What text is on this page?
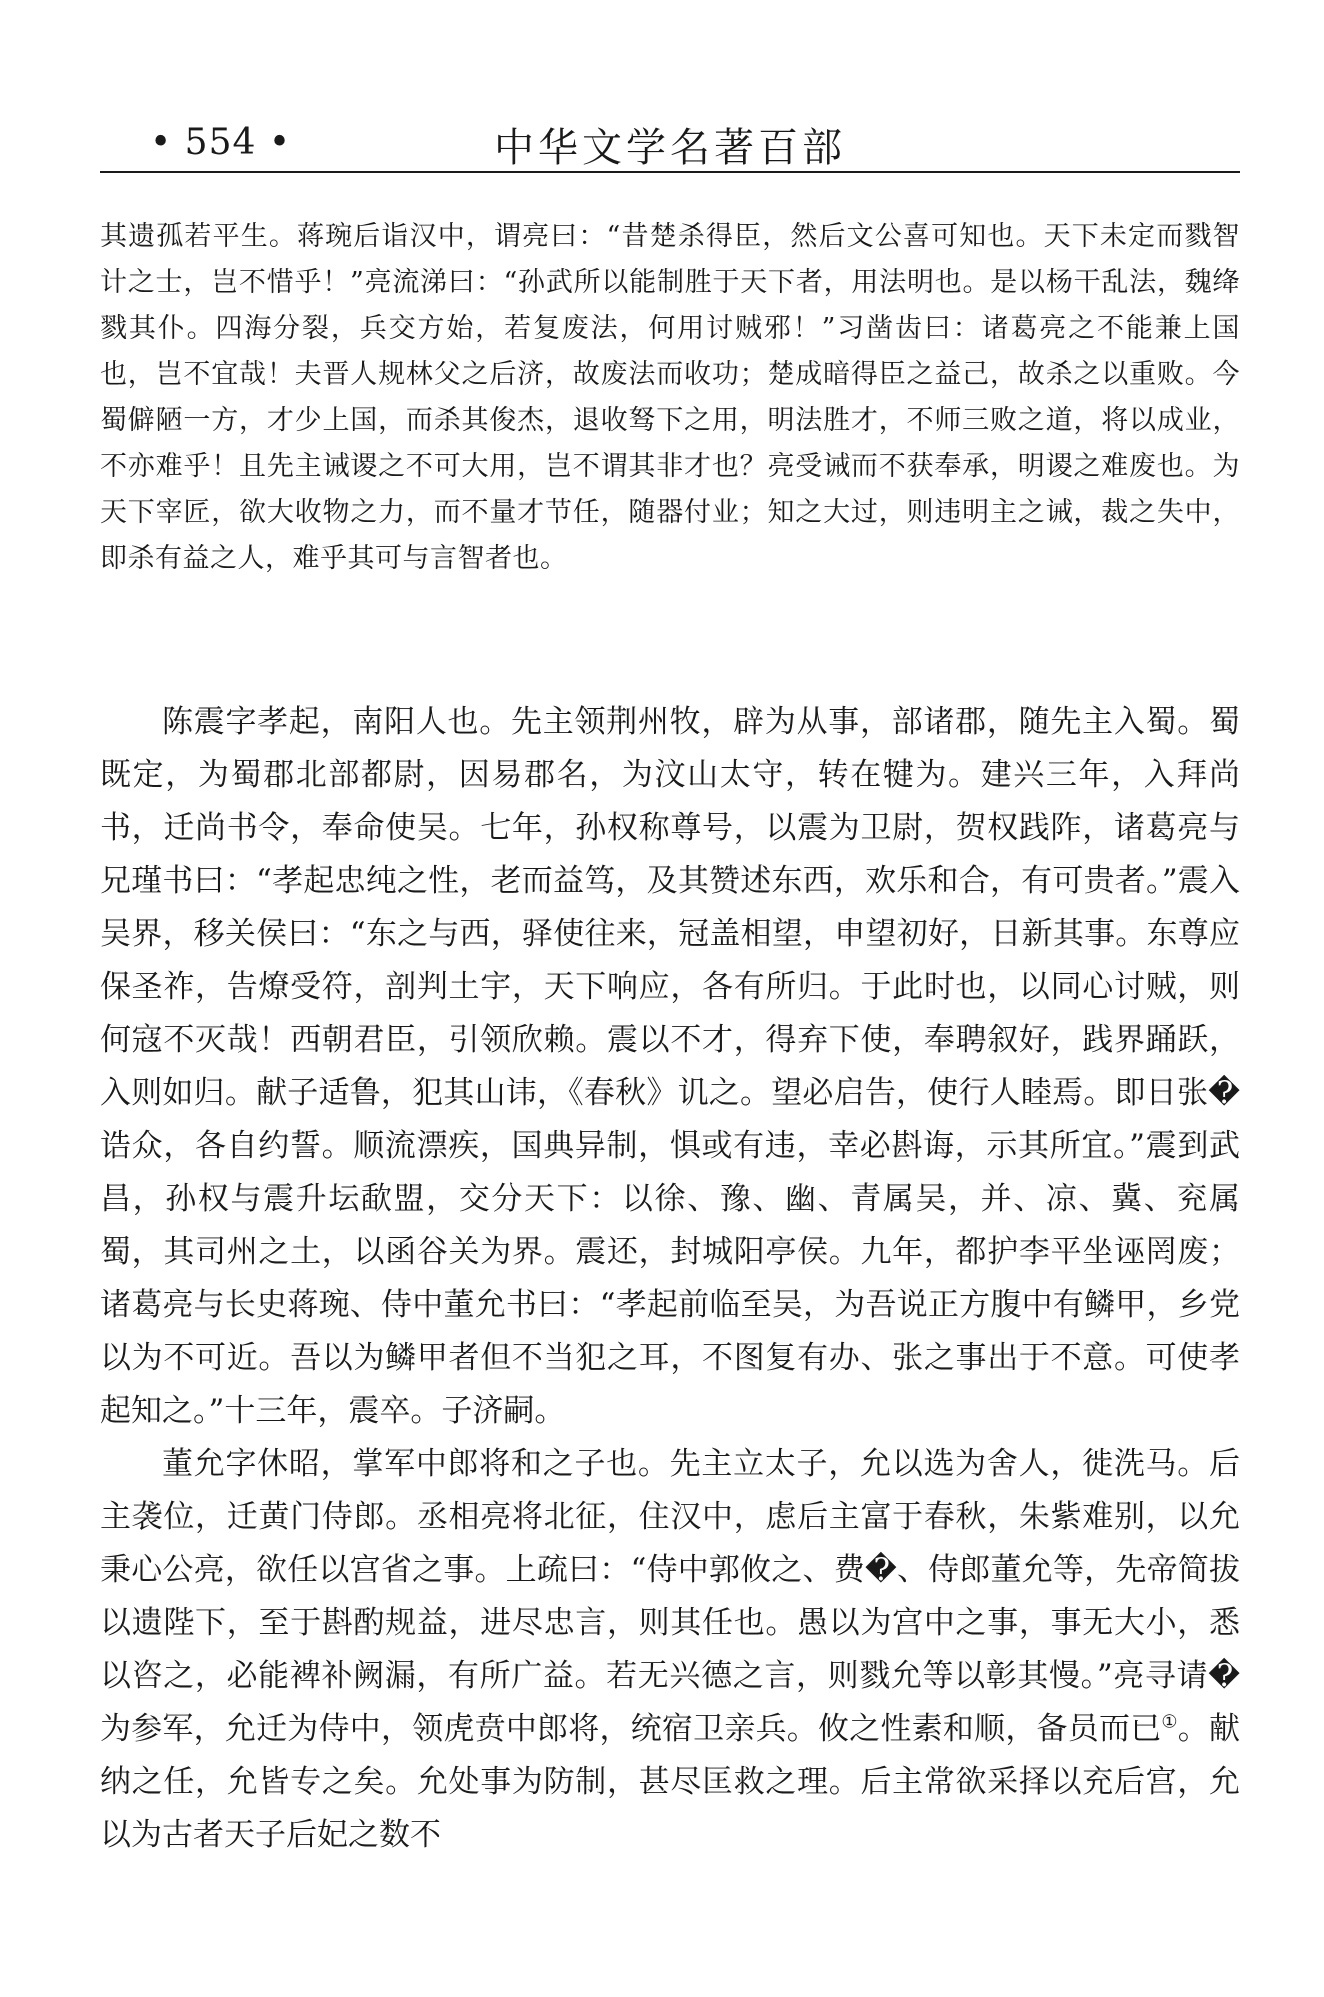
• 554 •	中华文学名著百部

其遗孤若平生。蒋琬后诣汉中，谓亮曰：“昔楚杀得臣，然后文公喜可知也。天下未定而戮智计之士，岂不惜乎！”亮流涕曰：“孙武所以能制胜于天下者，用法明也。是以杨干乱法，魏绛戮其仆。四海分裂，兵交方始，若复废法，何用讨贼邪！”习凿齿曰：诸葛亮之不能兼上国也，岂不宜哉！夫晋人规林父之后济，故废法而收功；楚成暗得臣之益己，故杀之以重败。今蜀僻陋一方，才少上国，而杀其俊杰，退收驽下之用，明法胜才，不师三败之道，将以成业，不亦难乎！且先主诫谡之不可大用，岂不谓其非才也？亮受诫而不获奉承，明谡之难废也。为天下宰匠，欲大收物之力，而不量才节任，随器付业；知之大过，则违明主之诫，裁之失中，即杀有益之人，难乎其可与言智者也。

陈震字孝起，南阳人也。先主领荆州牧，辟为从事，部诸郡，随先主入蜀。蜀既定，为蜀郡北部都尉，因易郡名，为汶山太守，转在犍为。建兴三年，入拜尚书，迁尚书令，奉命使吴。七年，孙权称尊号，以震为卫尉，贺权践阼，诸葛亮与兄瑾书曰：“孝起忠纯之性，老而益笃，及其赞述东西，欢乐和合，有可贵者。”震入吴界，移关侯曰：“东之与西，驿使往来，冠盖相望，申望初好，日新其事。东尊应保圣祚，告燎受符，剖判土宇，天下响应，各有所归。于此时也，以同心讨贼，则何寇不灭哉！西朝君臣，引领欣赖。震以不才，得弃下使，奉聘叙好，践界踊跃，入则如归。献子适鲁，犯其山讳，《春秋》讥之。望必启告，使行人睦焉。即日张�诰众，各自约誓。顺流漂疾，国典异制，惧或有违，幸必斟诲，示其所宜。”震到武昌，孙权与震升坛歃盟，交分天下：以徐、豫、幽、青属吴，并、凉、冀、兖属蜀，其司州之土，以函谷关为界。震还，封城阳亭侯。九年，都护李平坐诬罔废；诸葛亮与长史蒋琬、侍中董允书曰：“孝起前临至吴，为吾说正方腹中有鳞甲，乡党以为不可近。吾以为鳞甲者但不当犯之耳，不图复有办、张之事出于不意。可使孝起知之。”十三年，震卒。子济嗣。

董允字休昭，掌军中郎将和之子也。先主立太子，允以选为舍人，徙洗马。后主袭位，迁黄门侍郎。丞相亮将北征，住汉中，虑后主富于春秋，朱紫难别，以允秉心公亮，欲任以宫省之事。上疏曰：“侍中郭攸之、费�、侍郎董允等，先帝简拔以遗陛下，至于斟酌规益，进尽忠言，则其任也。愚以为宫中之事，事无大小，悉以咨之，必能裨补阙漏，有所广益。若无兴德之言，则戮允等以彰其慢。”亮寻请�为参军，允迁为侍中，领虎贲中郎将，统宿卫亲兵。攸之性素和顺，备员而已①。献纳之任，允皆专之矣。允处事为防制，甚尽匡救之理。后主常欲采择以充后宫，允以为古者天子后妃之数不
